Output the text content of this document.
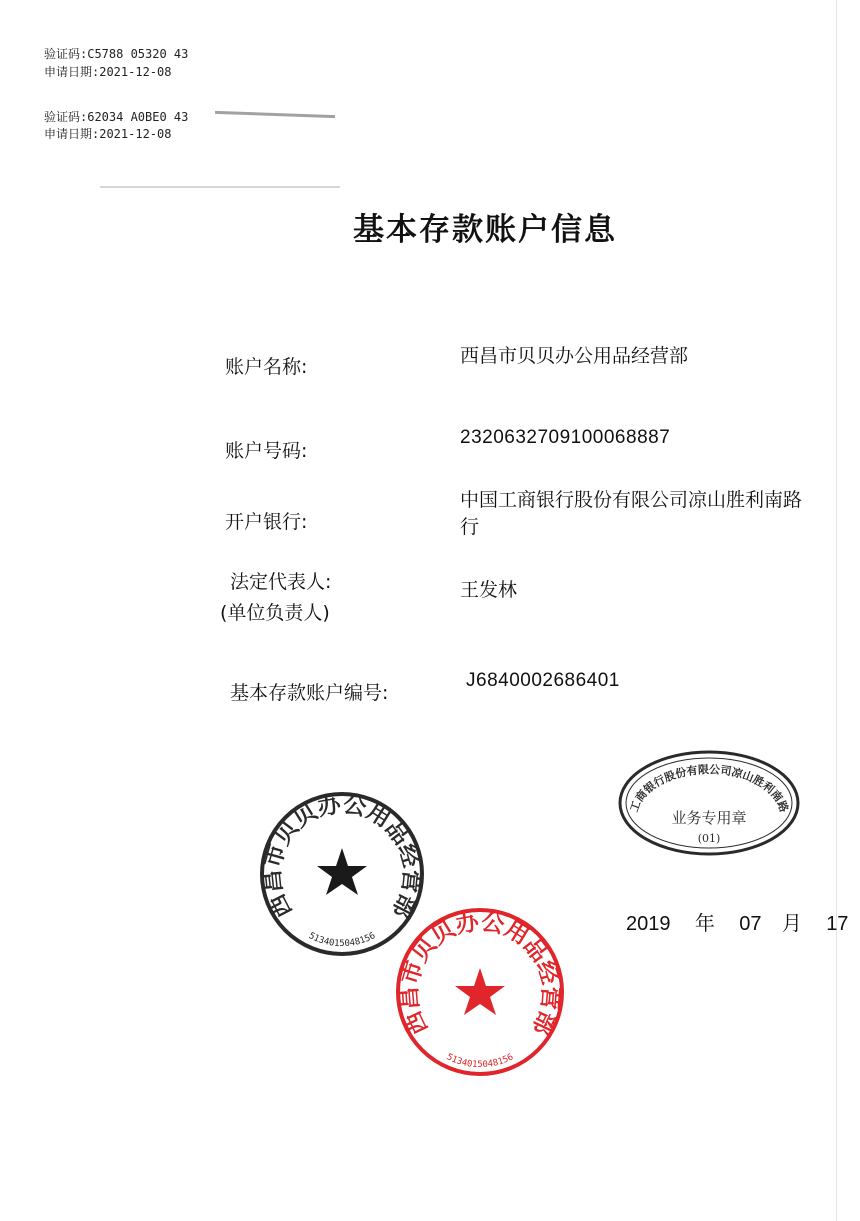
验证码:C5788 05320 43
申请日期:2021-12-08
验证码:62034 A0BE0 43
申请日期:2021-12-08
基本存款账户信息
账户名称:	西昌市贝贝办公用品经营部
账户号码:
2320632709100068887
开户银行:
中国工商银行股份有限公司凉山胜利南路
行
法定代表人:
(单位负责人)
王发林
基本存款账户编号:
J6840002686401
中国工商银行股份有限公司凉山胜利南路支行
业务专用章
(01)
西昌市贝贝办公用品经营部
5134015048156
西昌市贝贝办公用品经营部
5134015048156
2019 年 07 月 17
